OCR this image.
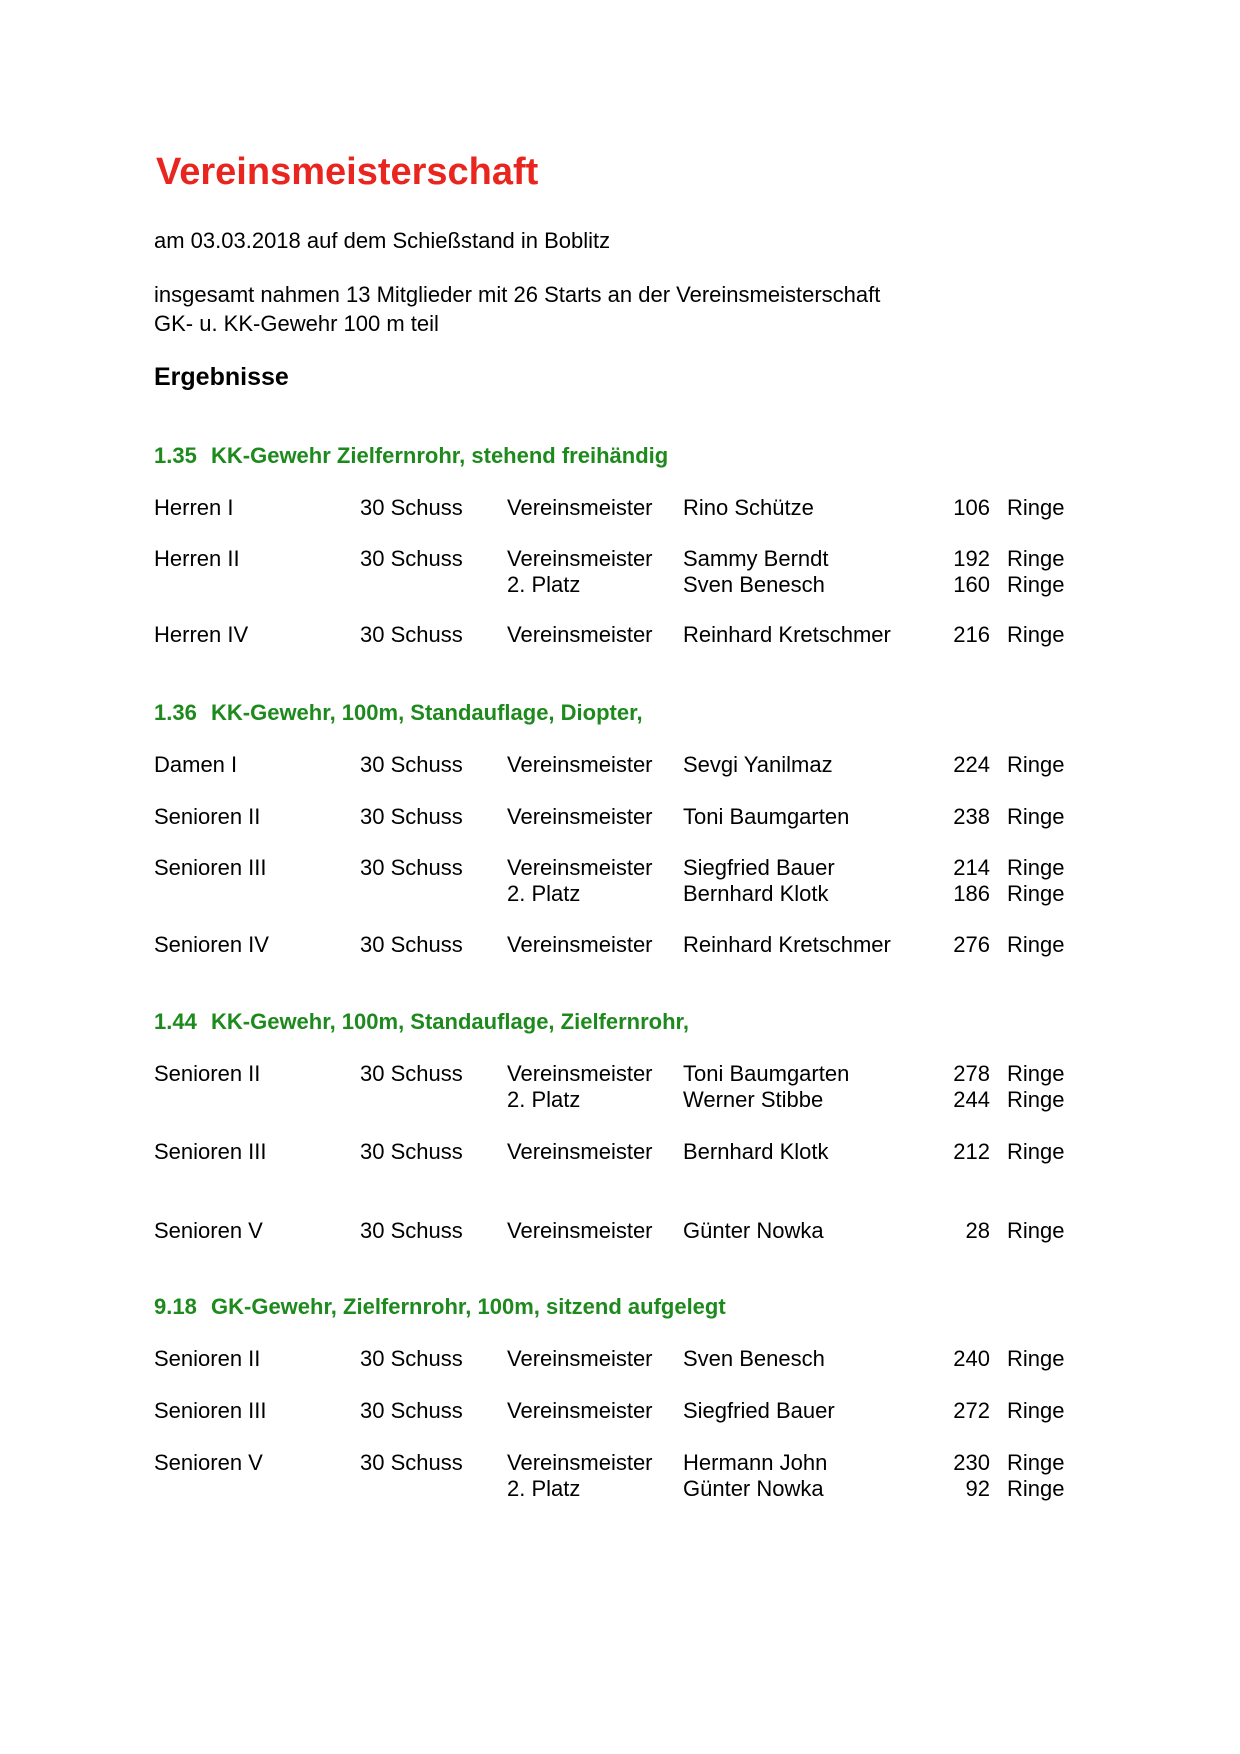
Vereinsmeisterschaft
am 03.03.2018 auf dem Schießstand in Boblitz
insgesamt nahmen 13 Mitglieder mit 26 Starts an der Vereinsmeisterschaft
GK- u. KK-Gewehr 100 m teil
Ergebnisse
1.35 KK-Gewehr Zielfernrohr, stehend freihändig
Herren I	30 Schuss Vereinsmeister Rino Schütze	106 Ringe
Herren II	30 Schuss Vereinsmeister Sammy Berndt	192 Ringe
2. Platz	Sven Benesch	160 Ringe
Herren IV	30 Schuss Vereinsmeister Reinhard Kretschmer	216 Ringe
1.36 KK-Gewehr, 100m, Standauflage, Diopter,
Damen I	30 Schuss Vereinsmeister Sevgi Yanilmaz	224 Ringe
Senioren II	30 Schuss Vereinsmeister Toni Baumgarten	238 Ringe
Senioren III	30 Schuss Vereinsmeister Siegfried Bauer	214 Ringe
2. Platz	Bernhard Klotk	186 Ringe
Senioren IV	30 Schuss Vereinsmeister Reinhard Kretschmer	276 Ringe
1.44 KK-Gewehr, 100m, Standauflage, Zielfernrohr,
Senioren II	30 Schuss Vereinsmeister Toni Baumgarten	278 Ringe
2. Platz	Werner Stibbe	244 Ringe
Senioren III	30 Schuss Vereinsmeister Bernhard Klotk	212 Ringe
Senioren V	30 Schuss Vereinsmeister Günter Nowka	28 Ringe
9.18 GK-Gewehr, Zielfernrohr, 100m, sitzend aufgelegt
Senioren II	30 Schuss Vereinsmeister Sven Benesch	240 Ringe
Senioren III	30 Schuss Vereinsmeister Siegfried Bauer	272 Ringe
Senioren V	30 Schuss Vereinsmeister Hermann John	230 Ringe
2. Platz	Günter Nowka	92 Ringe
